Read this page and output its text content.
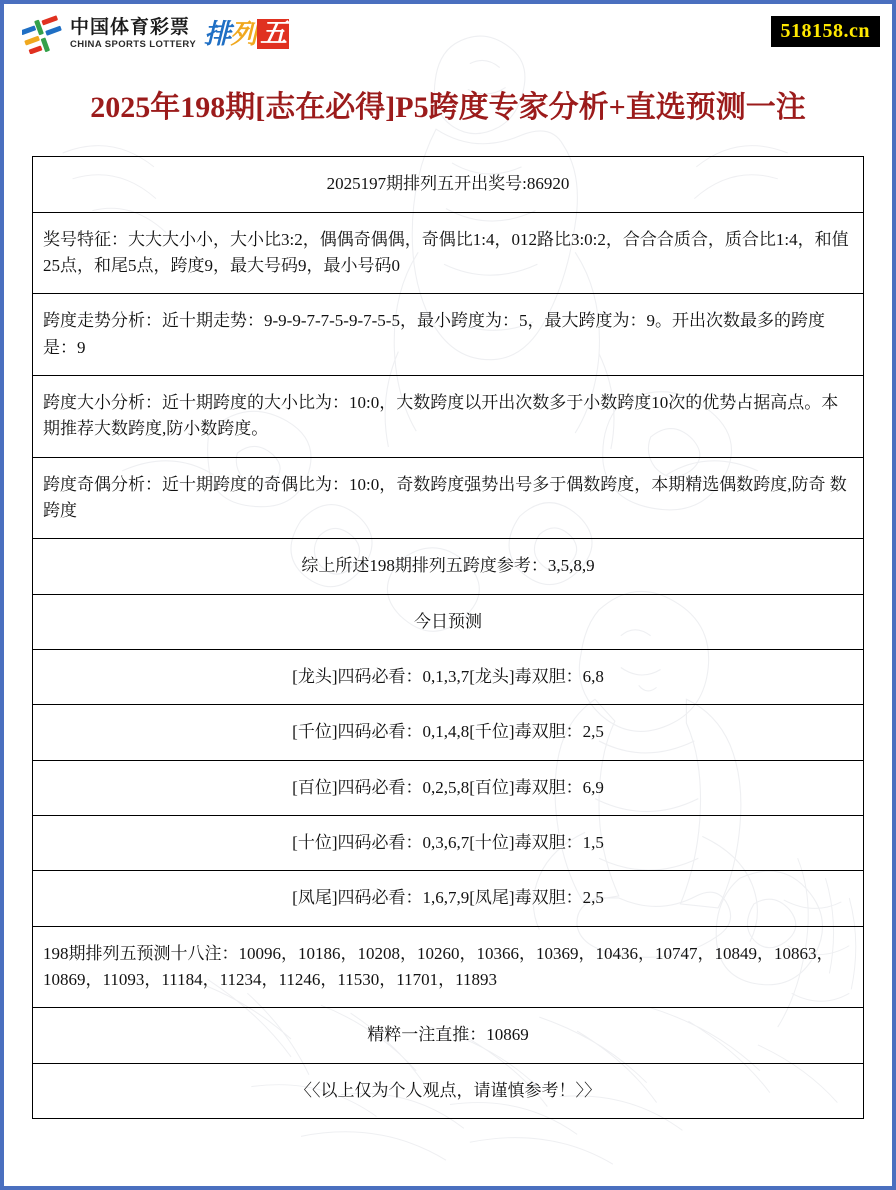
中国体育彩票
CHINA SPORTS LOTTERY 排 列 五	518158.cn
2025年198期[志在必得]P5跨度专家分析+直选预测一注
2025197期排列五开出奖号:86920
奖号特征：大大大小小，大小比3:2，偶偶奇偶偶，奇偶比1:4，012路比3:0:2，合合合质合，质合比1:4，和值25点，和尾5点，跨度9，最大号码9，最小号码0
跨度走势分析：近十期走势：9-9-9-7-7-5-9-7-5-5，最小跨度为：5，最大跨度为：9。开出次数最多的跨度是：9
跨度大小分析：近十期跨度的大小比为：10:0，大数跨度以开出次数多于小数跨度10次的优势占据高点。本期推荐大数跨度,防小数跨度。
跨度奇偶分析：近十期跨度的奇偶比为：10:0，奇数跨度强势出号多于偶数跨度，本期精选偶数跨度,防奇 数跨度
综上所述198期排列五跨度参考：3,5,8,9
今日预测
[龙头]四码必看：0,1,3,7[龙头]毒双胆：6,8
[千位]四码必看：0,1,4,8[千位]毒双胆：2,5
[百位]四码必看：0,2,5,8[百位]毒双胆：6,9
[十位]四码必看：0,3,6,7[十位]毒双胆：1,5
[凤尾]四码必看：1,6,7,9[凤尾]毒双胆：2,5
198期排列五预测十八注：10096，10186，10208，10260，10366，10369，10436，10747，10849，10863，10869，11093，11184，11234，11246，11530，11701，11893
精粹一注直推：10869
〈〈以上仅为个人观点，请谨慎参考！〉〉
